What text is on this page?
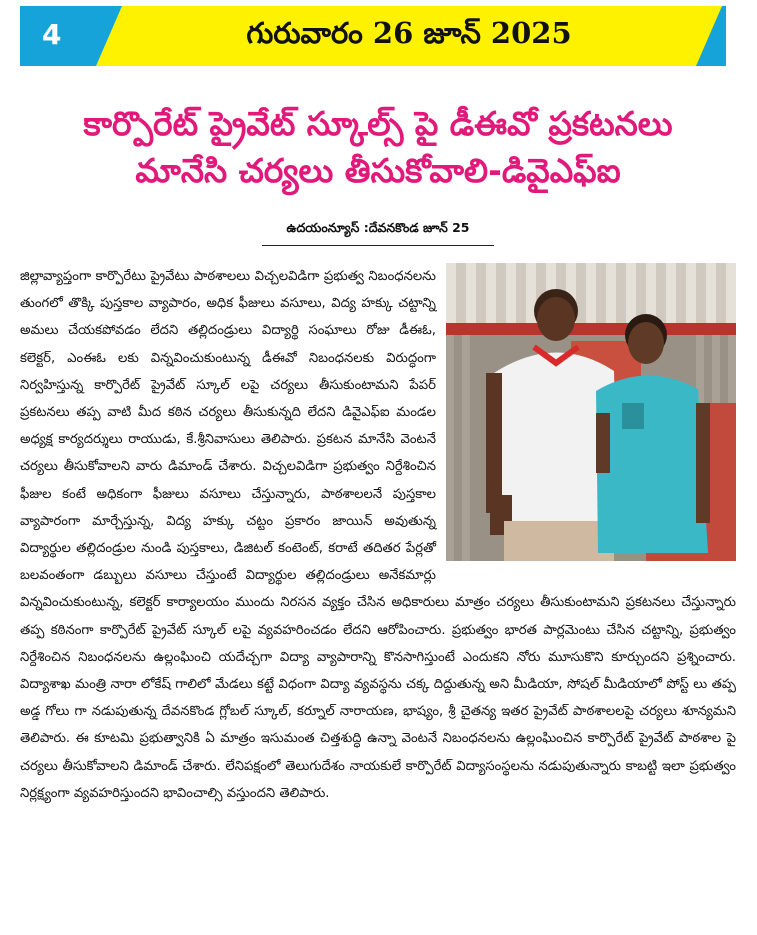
4	గురువారం 26 జూన్ 2025
కార్పొరేట్ ప్రైవేట్ స్కూల్స్ పై డీఈవో ప్రకటనలు
మానేసి చర్యలు తీసుకోవాలి-డివైఎఫ్ఐ
ఉదయంన్యూస్ :దేవనకొండ జూన్ 25
జిల్లావ్యాప్తంగా కార్పొరేటు ప్రైవేటు పాఠశాలలు విచ్చలవిడిగా ప్రభుత్వ నిబంధనలను తుంగలో తొక్కి పుస్తకాల వ్యాపారం, అధిక ఫీజులు వసూలు, విద్య హక్కు చట్టాన్ని అమలు చేయకపోవడం లేదని తల్లిదండ్రులు విద్యార్థి సంఘాలు రోజు డీఈఓ, కలెక్టర్, ఎంఈఓ లకు విన్నవించుకుంటున్న డీఈవో నిబంధనలకు విరుద్ధంగా నిర్వహిస్తున్న కార్పొరేట్ ప్రైవేట్ స్కూల్ లపై చర్యలు తీసుకుంటామని పేపర్ ప్రకటనలు తప్ప వాటి మీద కఠిన చర్యలు తీసుకున్నది లేదని డివైఎఫ్ఐ మండల అధ్యక్ష కార్యదర్శులు రాయుడు, కే.శ్రీనివాసులు తెలిపారు. ప్రకటన మానేసి వెంటనే చర్యలు తీసుకోవాలని వారు డిమాండ్ చేశారు. విచ్చలవిడిగా ప్రభుత్వం నిర్దేశించిన ఫీజుల కంటే అధికంగా ఫీజులు వసూలు చేస్తున్నారు, పాఠశాలలనే పుస్తకాల వ్యాపారంగా మార్చేస్తున్న, విద్య హక్కు చట్టం ప్రకారం జాయిన్ అవుతున్న విద్యార్థుల తల్లిదండ్రుల నుండి పుస్తకాలు, డిజిటల్ కంటెంట్, కరాటే తదితర పేర్లతో బలవంతంగా డబ్బులు వసూలు చేస్తుంటే విద్యార్థుల తల్లిదండ్రులు అనేకమార్లు విన్నవించుకుంటున్న, కలెక్టర్ కార్యాలయం ముందు నిరసన వ్యక్తం చేసిన అధికారులు మాత్రం చర్యలు తీసుకుంటామని ప్రకటనలు చేస్తున్నారు తప్ప కఠినంగా కార్పొరేట్ ప్రైవేట్ స్కూల్ లపై వ్యవహరించడం లేదని ఆరోపించారు. ప్రభుత్వం భారత పార్లమెంటు చేసిన చట్టాన్ని, ప్రభుత్వం నిర్దేశించిన నిబంధనలను ఉల్లంఘించి యదేచ్చగా విద్యా వ్యాపారాన్ని కొనసాగిస్తుంటే ఎందుకని నోరు మూసుకొని కూర్చుందని ప్రశ్నించారు. విద్యాశాఖ మంత్రి నారా లోకేష్ గాలిలో మేడలు కట్టే విధంగా విద్యా వ్యవస్థను చక్క దిద్దుతున్న అని మీడియా, సోషల్ మీడియాలో పోస్ట్ లు తప్ప అడ్డ గోలు గా నడుపుతున్న దేవనకొండ గ్లోబల్ స్కూల్, కర్నూల్ నారాయణ, భాష్యం, శ్రీ చైతన్య ఇతర ప్రైవేట్ పాఠశాలలపై చర్యలు శూన్యమని తెలిపారు. ఈ కూటమి ప్రభుత్వానికి ఏ మాత్రం ఇసుమంత చిత్తశుద్ధి ఉన్నా వెంటనే నిబంధనలను ఉల్లంఘించిన కార్పొరేట్ ప్రైవేట్ పాఠశాల పై చర్యలు తీసుకోవాలని డిమాండ్ చేశారు. లేనిపక్షంలో తెలుగుదేశం నాయకులే కార్పొరేట్ విద్యాసంస్థలను నడుపుతున్నారు కాబట్టి ఇలా ప్రభుత్వం నిర్లక్ష్యంగా వ్యవహరిస్తుందని భావించాల్సి వస్తుందని తెలిపారు.
